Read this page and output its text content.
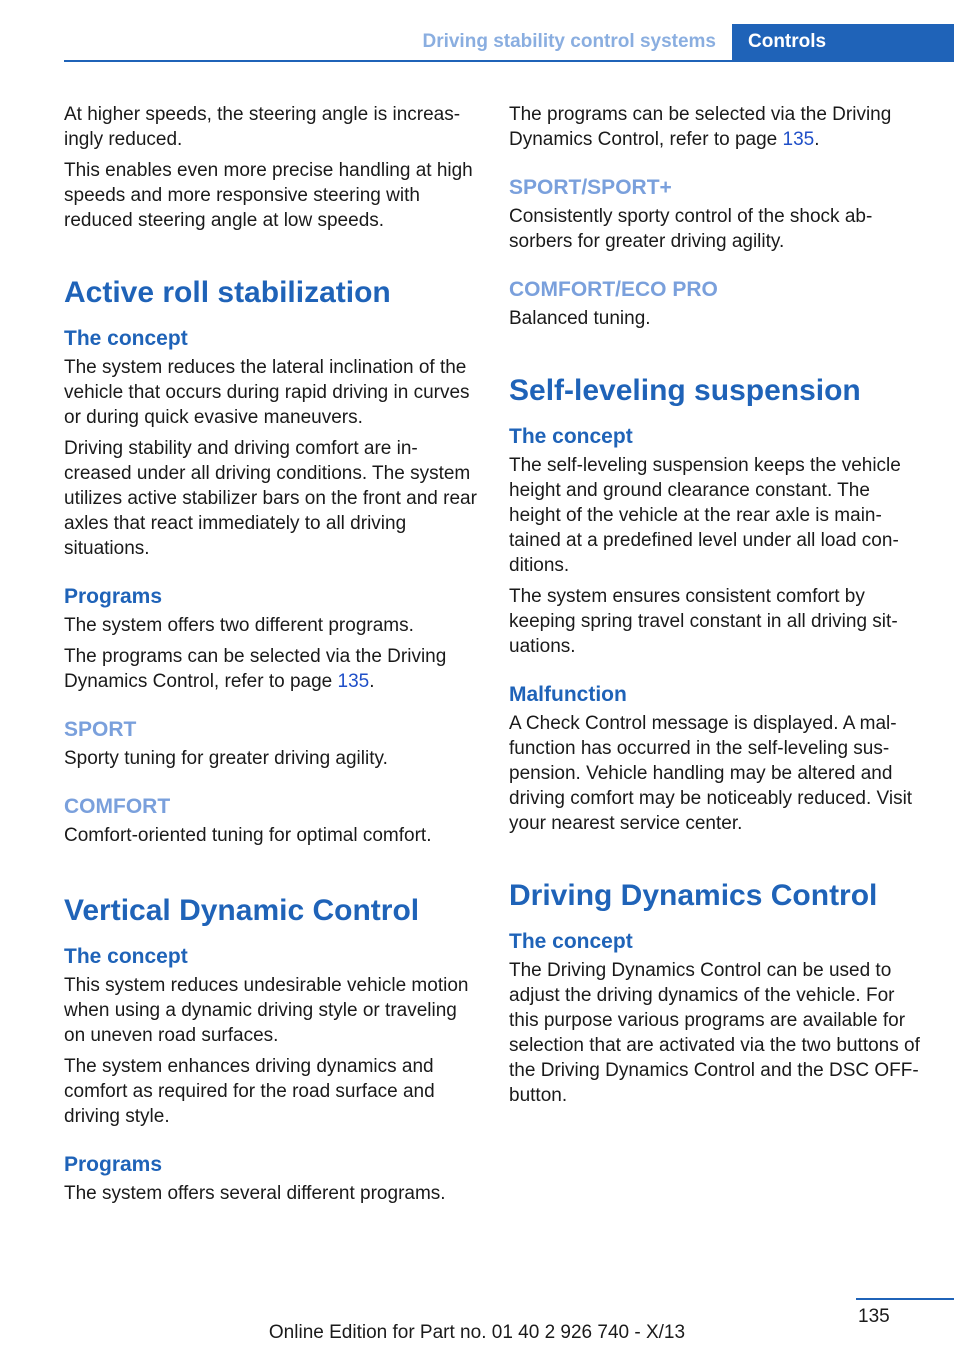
Driving stability control systems	Controls

At higher speeds, the steering angle is increasingly reduced.

This enables even more precise handling at high speeds and more responsive steering with reduced steering angle at low speeds.

Active roll stabilization
The concept

The system reduces the lateral inclination of the vehicle that occurs during rapid driving in curves or during quick evasive maneuvers.

Driving stability and driving comfort are increased under all driving conditions. The system utilizes active stabilizer bars on the front and rear axles that react immediately to all driving situations.

Programs

The system offers two different programs.

The programs can be selected via the Driving Dynamics Control, refer to page 135.

SPORT

Sporty tuning for greater driving agility.

COMFORT

Comfort-oriented tuning for optimal comfort.

Vertical Dynamic Control
The concept

This system reduces undesirable vehicle motion when using a dynamic driving style or traveling on uneven road surfaces.

The system enhances driving dynamics and comfort as required for the road surface and driving style.

Programs

The system offers several different programs.

The programs can be selected via the Driving Dynamics Control, refer to page 135.

SPORT/SPORT+

Consistently sporty control of the shock absorbers for greater driving agility.

COMFORT/ECO PRO

Balanced tuning.

Self-leveling suspension
The concept

The self-leveling suspension keeps the vehicle height and ground clearance constant. The height of the vehicle at the rear axle is maintained at a predefined level under all load conditions.

The system ensures consistent comfort by keeping spring travel constant in all driving situations.

Malfunction

A Check Control message is displayed. A malfunction has occurred in the self-leveling suspension. Vehicle handling may be altered and driving comfort may be noticeably reduced. Visit your nearest service center.

Driving Dynamics Control
The concept

The Driving Dynamics Control can be used to adjust the driving dynamics of the vehicle. For this purpose various programs are available for selection that are activated via the two buttons of the Driving Dynamics Control and the DSC OFF-button.

135
Online Edition for Part no. 01 40 2 926 740 - X/13
